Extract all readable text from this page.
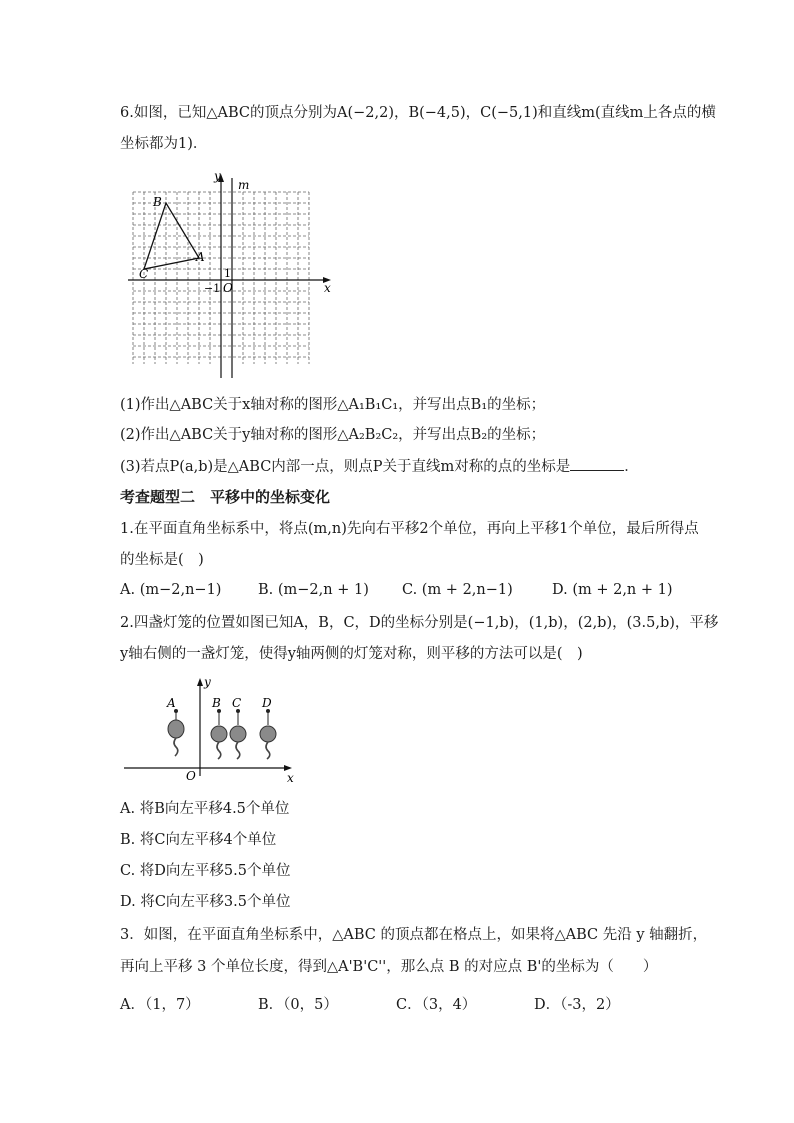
6.如图，已知△ABC的顶点分别为A(−2,2)，B(−4,5)，C(−5,1)和直线m(直线m上各点的横
坐标都为1)．
y
m
x
O
1
−1
B
A
C
(1)作出△ABC关于x轴对称的图形△A₁B₁C₁，并写出点B₁的坐标；
(2)作出△ABC关于y轴对称的图形△A₂B₂C₂，并写出点B₂的坐标；
(3)若点P(a,b)是△ABC内部一点，则点P关于直线m对称的点的坐标是	．
考查题型二　平移中的坐标变化
1.在平面直角坐标系中，将点(m,n)先向右平移2个单位，再向上平移1个单位，最后所得点
的坐标是(　)
A. (m−2,n−1)	B. (m−2,n + 1) C. (m + 2,n−1)	D. (m + 2,n + 1)
2.四盏灯笼的位置如图已知A，B，C，D的坐标分别是(−1,b)，(1,b)，(2,b)，(3.5,b)，平移
y轴右侧的一盏灯笼，使得y轴两侧的灯笼对称，则平移的方法可以是(　)
y
x
O
A	B C D
A. 将B向左平移4.5个单位
B. 将C向左平移4个单位
C. 将D向左平移5.5个单位
D. 将C向左平移3.5个单位
3．如图，在平面直角坐标系中，△ABC 的顶点都在格点上，如果将△ABC 先沿 y 轴翻折，
再向上平移 3 个单位长度，得到△A'B'C''，那么点 B 的对应点 B'的坐标为（　　）
A．（1，7）	B．（0，5）	C．（3，4）	D．（-3，2）
